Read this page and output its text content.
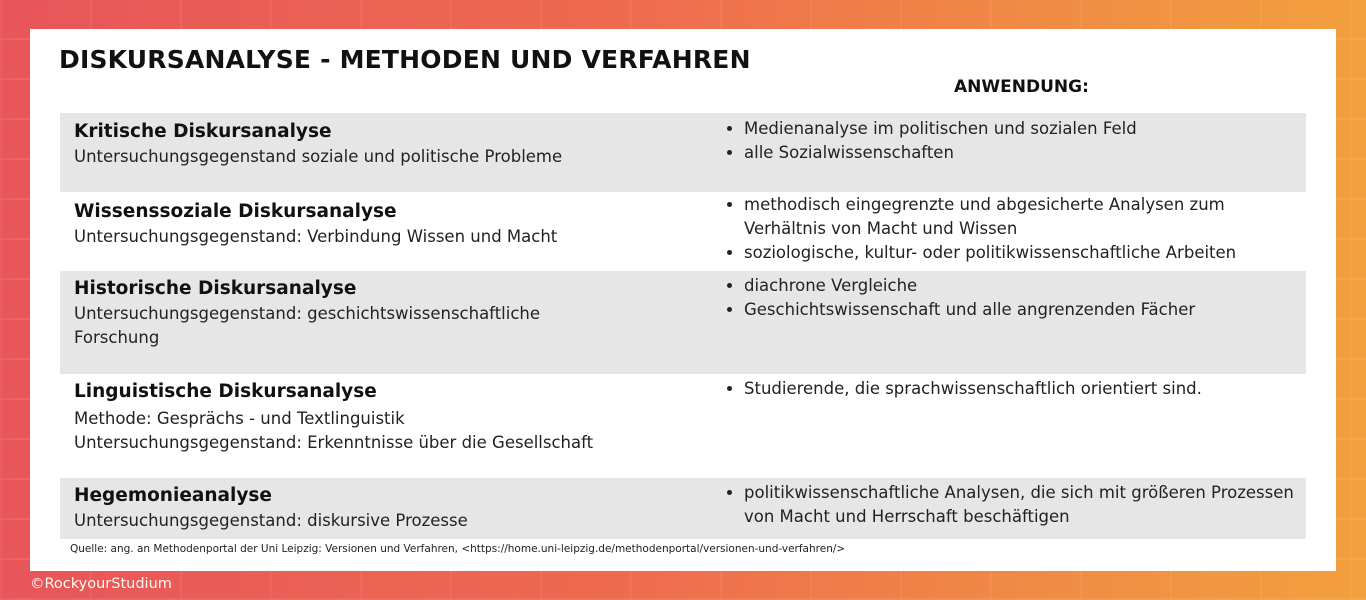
DISKURSANALYSE - METHODEN UND VERFAHREN
ANWENDUNG:
Kritische Diskursanalyse
Untersuchungsgegenstand soziale und politische Probleme
• Medienanalyse im politischen und sozialen Feld
• alle Sozialwissenschaften
Wissenssoziale Diskursanalyse
Untersuchungsgegenstand: Verbindung Wissen und Macht
• methodisch eingegrenzte und abgesicherte Analysen zum Verhältnis von Macht und Wissen
• soziologische, kultur- oder politikwissenschaftliche Arbeiten
Historische Diskursanalyse
Untersuchungsgegenstand: geschichtswissenschaftliche Forschung
• diachrone Vergleiche
• Geschichtswissenschaft und alle angrenzenden Fächer
Linguistische Diskursanalyse
Methode: Gesprächs - und Textlinguistik
Untersuchungsgegenstand: Erkenntnisse über die Gesellschaft
• Studierende, die sprachwissenschaftlich orientiert sind.
Hegemonieanalyse
Untersuchungsgegenstand: diskursive Prozesse
• politikwissenschaftliche Analysen, die sich mit größeren Prozessen von Macht und Herrschaft beschäftigen
Quelle: ang. an Methodenportal der Uni Leipzig: Versionen und Verfahren, <https://home.uni-leipzig.de/methodenportal/versionen-und-verfahren/>
©RockyourStudium
